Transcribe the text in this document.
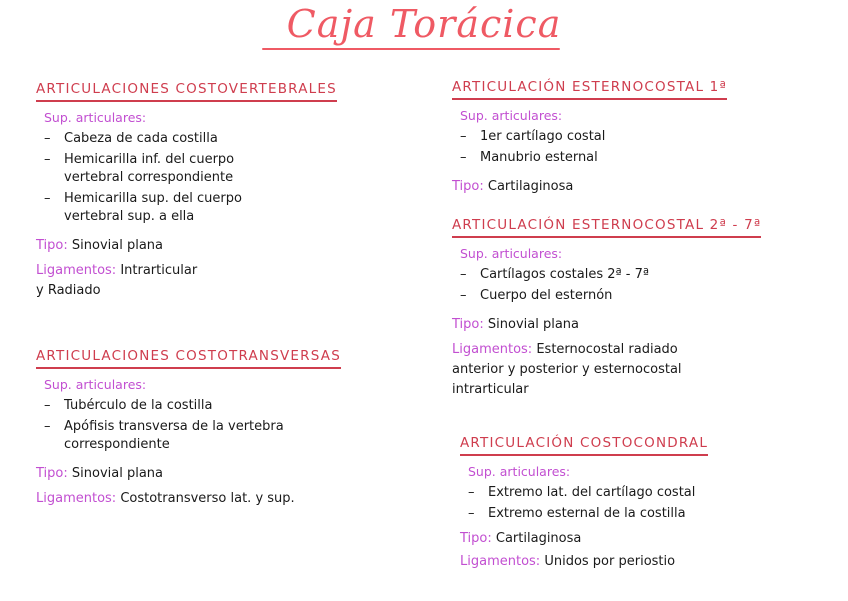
Caja Torácica
ARTICULACIONES COSTOVERTEBRALES
Sup. articulares:
– Cabeza de cada costilla
– Hemicarilla inf. del cuerpo
vertebral correspondiente
– Hemicarilla sup. del cuerpo
vertebral sup. a ella
Tipo: Sinovial plana
Ligamentos: Intrarticular
y Radiado
ARTICULACIONES COSTOTRANSVERSAS
Sup. articulares:
– Tubérculo de la costilla
– Apófisis transversa de la vertebra
correspondiente
Tipo: Sinovial plana
Ligamentos: Costotransverso lat. y sup.
ARTICULACIÓN ESTERNOCOSTAL 1ª
Sup. articulares:
– 1er cartílago costal
– Manubrio esternal
Tipo: Cartilaginosa
ARTICULACIÓN ESTERNOCOSTAL 2ª - 7ª
Sup. articulares:
– Cartílagos costales 2ª - 7ª
– Cuerpo del esternón
Tipo: Sinovial plana
Ligamentos: Esternocostal radiado
anterior y posterior y esternocostal
intrarticular
ARTICULACIÓN COSTOCONDRAL
Sup. articulares:
– Extremo lat. del cartílago costal
– Extremo esternal de la costilla
Tipo: Cartilaginosa
Ligamentos: Unidos por periostio
